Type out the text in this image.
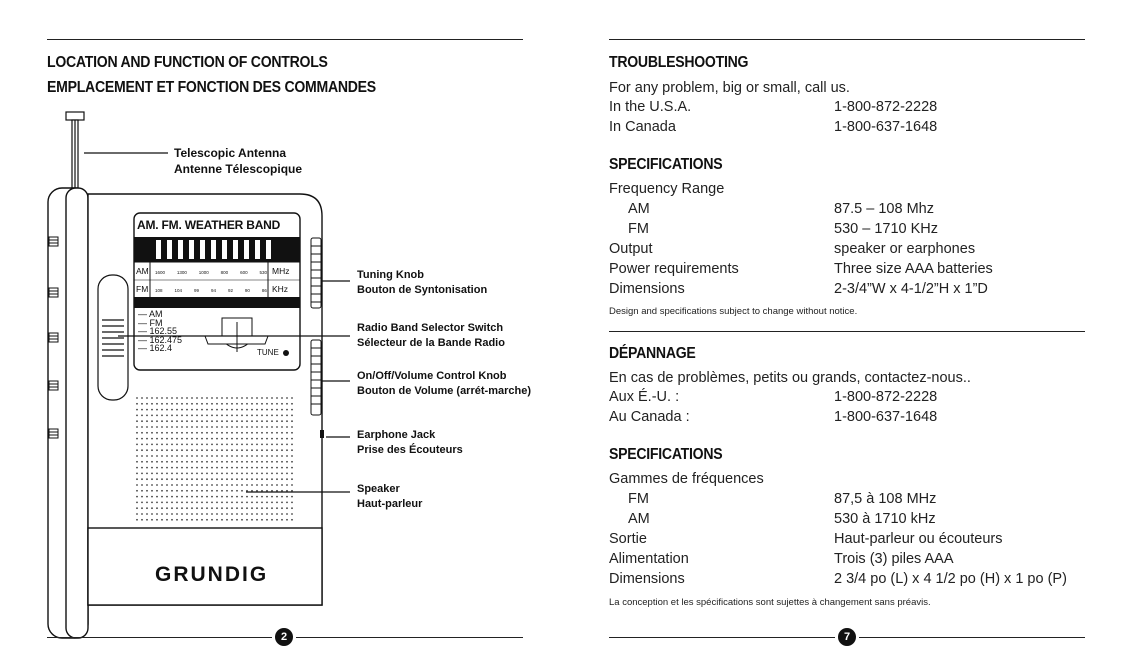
LOCATION AND FUNCTION OF CONTROLS
EMPLACEMENT ET FONCTION DES COMMANDES
AM. FM. WEATHER BAND
AM
FM
MHz
KHz
1600	1300	1000	800	600	530
108	104	99	94	92	90	86
— AM
— FM
— 162.55
— 162.475
— 162.4	TUNE
GRUNDIG
Telescopic Antenna
Antenne Télescopique
Tuning Knob
Bouton de Syntonisation
Radio Band Selector Switch
Sélecteur de la Bande Radio
On/Off/Volume Control Knob
Bouton de Volume (arrét-marche)
Earphone Jack
Prise des Écouteurs
Speaker
Haut-parleur
2
TROUBLESHOOTING
For any problem, big or small, call us.
In the U.S.A.	1-800-872-2228
In Canada	1-800-637-1648
SPECIFICATIONS
Frequency Range
AM	87.5 – 108 Mhz
FM	530 – 1710 KHz
Output	speaker or earphones
Power requirements	Three size AAA batteries
Dimensions	2-3/4”W x 4-1/2”H x 1”D
Design and specifications subject to change without notice.
DÉPANNAGE
En cas de problèmes, petits ou grands, contactez-nous..
Aux É.-U. :	1-800-872-2228
Au Canada :	1-800-637-1648
SPECIFICATIONS
Gammes de fréquences
FM	87,5 à 108 MHz
AM	530 à 1710 kHz
Sortie	Haut-parleur ou écouteurs
Alimentation	Trois (3) piles AAA
Dimensions	2 3/4 po (L) x 4 1/2 po (H) x 1 po (P)
La conception et les spécifications sont sujettes à changement sans préavis.
7
